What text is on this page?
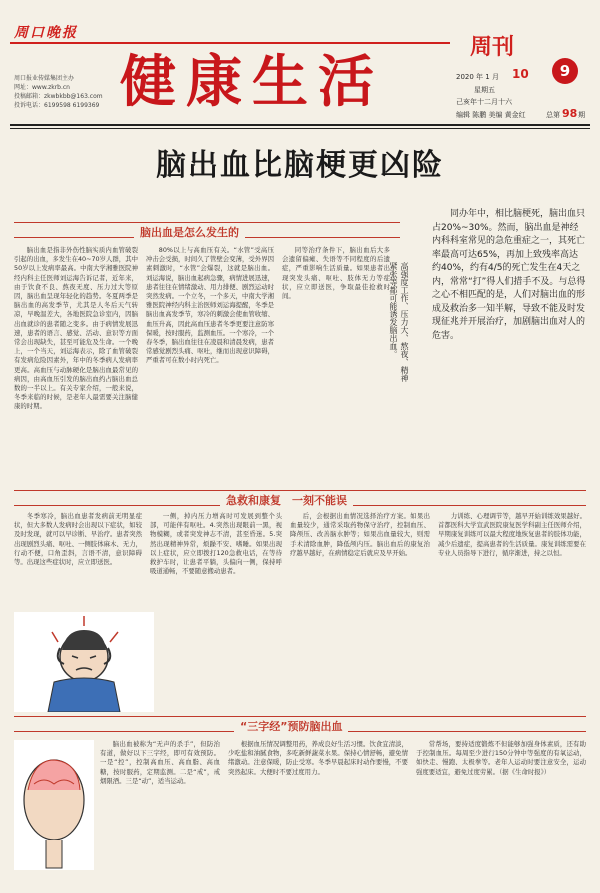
周口晚报
周口报业传媒集团主办
网址：www.zkrb.cn
投稿邮箱：zkwbkbb@163.com
投诉电话：6199598 6199369 健康生活
周刊
9
2020 年 1 月 10
星期五
己亥年十二月十六
编辑 陈鹏 美编 黄金红	总第 98 期
脑出血比脑梗更凶险
脑出血是怎么发生的

脑出血是指非外伤性脑实质内血管破裂引起的出血，多发生在40~70岁人群，其中50岁以上发病率最高。中南大学湘雅医院神经内科主任医师刘运海告诉记者，近年来，由于饮食不良、熬夜无度、压力过大等原因，脑出血呈现年轻化的趋势。冬夏两季是脑出血的高发季节，尤其是人冬后天气转凉，早晚温差大，各地医院急诊室内，因脑出血就诊的患者随之变多。由于病情发展迅速，患者的语言、感觉、活动、意识等方面常会出现缺失，甚至可能危及生命。一个晚上，一个当天，刘运海表示，除了血管破裂有发病危险因素外，年中的冬季病人发病率更高。高血压与动脉硬化是脑出血最常见的病因，由高血压引发的脑出血约占脑出血总数的一半以上。有关专家介绍，一般来说，冬季来临的时候，是老年人最需要关注脑健康的时期。

80%以上与高血压有关。“水管”受高压冲击会受损，时间久了管壁会变薄，受外界因素刺激时，“水管”会爆裂，这就是脑出血。刘运海说，脑出血起病急骤，病情进展迅速，患者往往在情绪激动、用力排便、剧烈运动时突然发病。一个立冬，一个多天，中南大学湘雅医院神经内科主治医师刘运海提醒，冬季是脑出血高发季节，寒冷的刺激会使血管收缩、血压升高，因此高血压患者冬季更要注意防寒保暖，按时服药，监测血压。一个寒冷，一个春冬季，脑出血往往在凌晨和清晨发病，患者常感觉剧烈头痛、呕吐，继而出现意识障碍，严重者可在数小时内死亡。

同等治疗条件下，脑出血后大多会遗留偏瘫、失语等不同程度的后遗症，严重影响生活质量。如果患者出现突发头痛、呕吐、肢体无力等症状，应立即送医，争取最佳抢救时间。

同办年中，相比脑梗死，脑出血只占20%~30%。然而，脑出血是神经内科科室常见的急危重症之一，其死亡率最高可达65%，再加上致残率高达约40%，约有4/5的死亡发生在4天之内，常常“打”得人们措手不及。与总得之心不相匹配的是，人们对脑出血的形成及救治多一知半解，导致不能及时发现征兆并开展治疗，加剧脑出血对人的危害。

高强度工作、压力大、熬夜、精神紧张等都可能诱发脑出血。
急救和康复　一刻不能误

冬季寒冷，脑出血患者发病前无明显症状，但大多数人发病时会出现以下症状，如较及时发现，就可以早诊断、早治疗。患者突然出现剧烈头痛、呕吐、一侧肢体麻木、无力，行动不便，口角歪斜，言语不清，意识障碍等。出现这些症状时，应立即送医。

一侧，掉内压力增高时可发展到整个头部，可能伴有呕吐。4.突然出现眼前一黑，视物模糊，或者突发神志不清，甚至昏迷。5.突然出现精神异常，烦躁不安、嗜睡。如果出现以上症状，应立即拨打120急救电话，在等待救护车时，让患者平躺，头偏向一侧，保持呼吸道通畅，不要随意搬动患者。

后，会根据出血情况选择治疗方案。如果出血量较少，通常采取药物保守治疗，控制血压、降颅压、改善脑水肿等；如果出血量较大，则需手术清除血肿，降低颅内压。脑出血后的康复治疗越早越好，在病情稳定后就应及早开始。

力训练、心理调节等，越早开始训练效果越好。首都医科大学宣武医院康复医学科副主任医师介绍，早期康复训练可以最大程度地恢复患者的肢体功能，减少后遗症，提高患者的生活质量。康复训练需要在专业人员指导下进行，循序渐进，持之以恒。

“三字经”预防脑出血

脑出血被称为“无声的杀手”，但防治有道，做好以下三字经，即可有效预防。一是“控”，控制高血压、高血脂、高血糖，按时服药，定期监测。二是“戒”，戒烟限酒。三是“动”，适当运动。

根据血压情况调整用药，养成良好生活习惯。饮食宜清淡，少吃盐和油腻食物，多吃新鲜蔬菜水果。保持心情舒畅，避免情绪激动。注意保暖，防止受寒。冬季早晨起床时动作要慢，不要突然起床。大便时不要过度用力。

常帮场，要持适度锻炼不但能够加强身体素质，还有助于控制血压。每周至少进行150分钟中等强度的有氧运动，如快走、慢跑、太极拳等。老年人运动时要注意安全，运动强度要适宜，避免过度劳累。（据《生命时报》）
